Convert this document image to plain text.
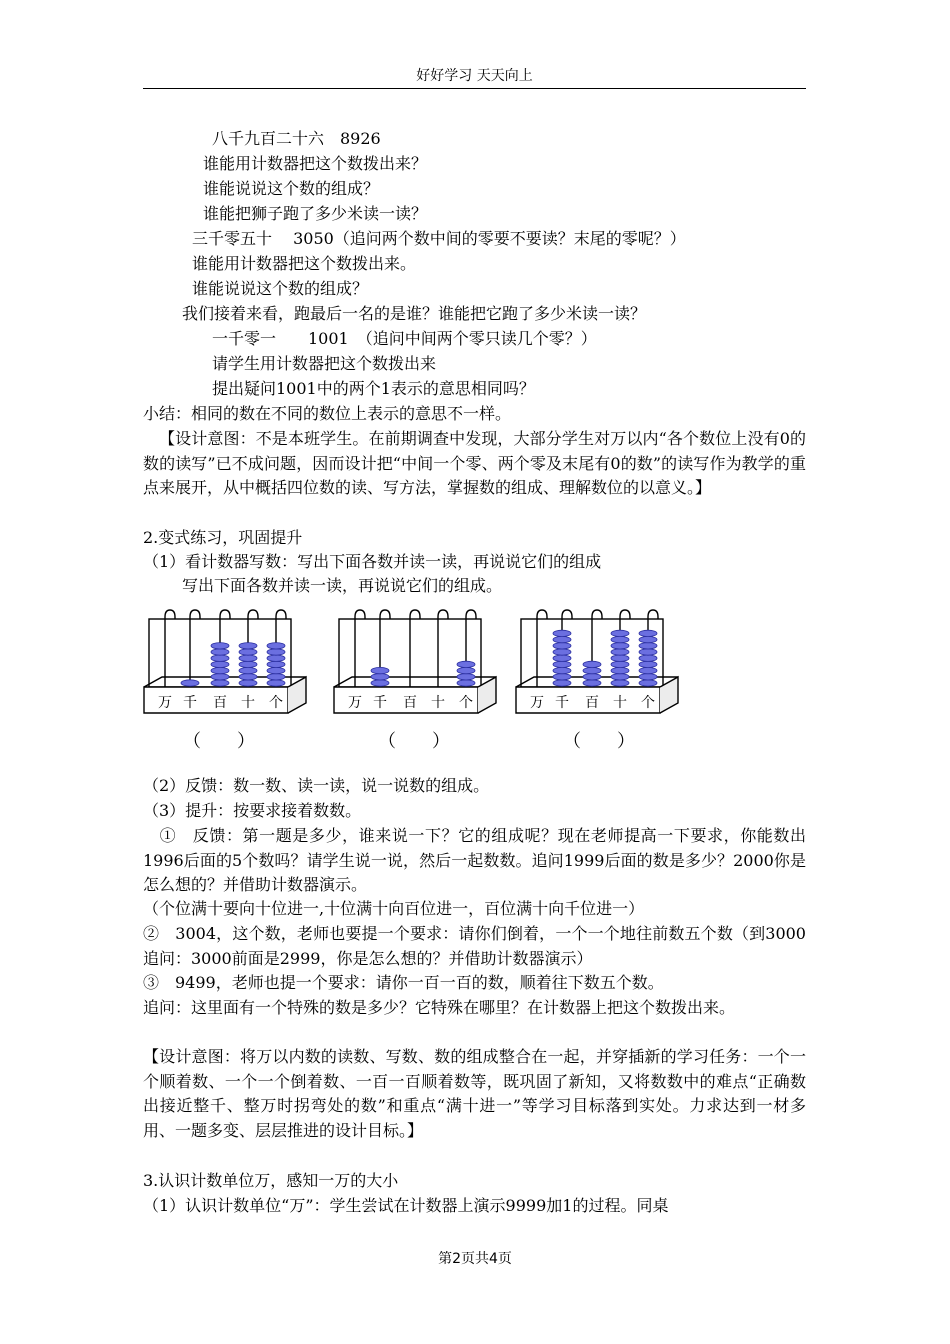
好好学习 天天向上
八千九百二十六　8926
谁能用计数器把这个数拨出来？
谁能说说这个数的组成？
谁能把狮子跑了多少米读一读？
三千零五十　 3050（追问两个数中间的零要不要读？末尾的零呢？）
谁能用计数器把这个数拨出来。
谁能说说这个数的组成？
我们接着来看，跑最后一名的是谁？谁能把它跑了多少米读一读？
一千零一　　1001　（追问中间两个零只读几个零？）
请学生用计数器把这个数拨出来
提出疑问1001中的两个1表示的意思相同吗？
小结：相同的数在不同的数位上表示的意思不一样。
【设计意图：不是本班学生。在前期调查中发现，大部分学生对万以内“各个数位上没有0的数的读写”已不成问题，因而设计把“中间一个零、两个零及末尾有0的数”的读写作为教学的重点来展开，从中概括四位数的读、写方法，掌握数的组成、理解数位的以意义。】
2.变式练习，巩固提升
（1）看计数器写数：写出下面各数并读一读，再说说它们的组成
写出下面各数并读一读，再说说它们的组成。
万 千 百 十 个	万 千 百 十 个	万 千 百 十 个
（　　）	（　　）	（　　）
（2）反馈：数一数、读一读，说一说数的组成。
（3）提升：按要求接着数数。
　①　反馈：第一题是多少，谁来说一下？它的组成呢？现在老师提高一下要求，你能数出1996后面的5个数吗？请学生说一说，然后一起数数。追问1999后面的数是多少？2000你是怎么想的？并借助计数器演示。
（个位满十要向十位进一,十位满十向百位进一，百位满十向千位进一）
②　3004，这个数，老师也要提一个要求：请你们倒着，一个一个地往前数五个数（到3000　追问：3000前面是2999，你是怎么想的？并借助计数器演示）
③　9499，老师也提一个要求：请你一百一百的数，顺着往下数五个数。
追问：这里面有一个特殊的数是多少？它特殊在哪里？在计数器上把这个数拨出来。
【设计意图：将万以内数的读数、写数、数的组成整合在一起，并穿插新的学习任务：一个一个顺着数、一个一个倒着数、一百一百顺着数等，既巩固了新知，又将数数中的难点“正确数出接近整千、整万时拐弯处的数”和重点“满十进一”等学习目标落到实处。力求达到一材多用、一题多变、层层推进的设计目标。】
3.认识计数单位万，感知一万的大小
（1）认识计数单位“万”：学生尝试在计数器上演示9999加1的过程。同桌
第2页共4页
